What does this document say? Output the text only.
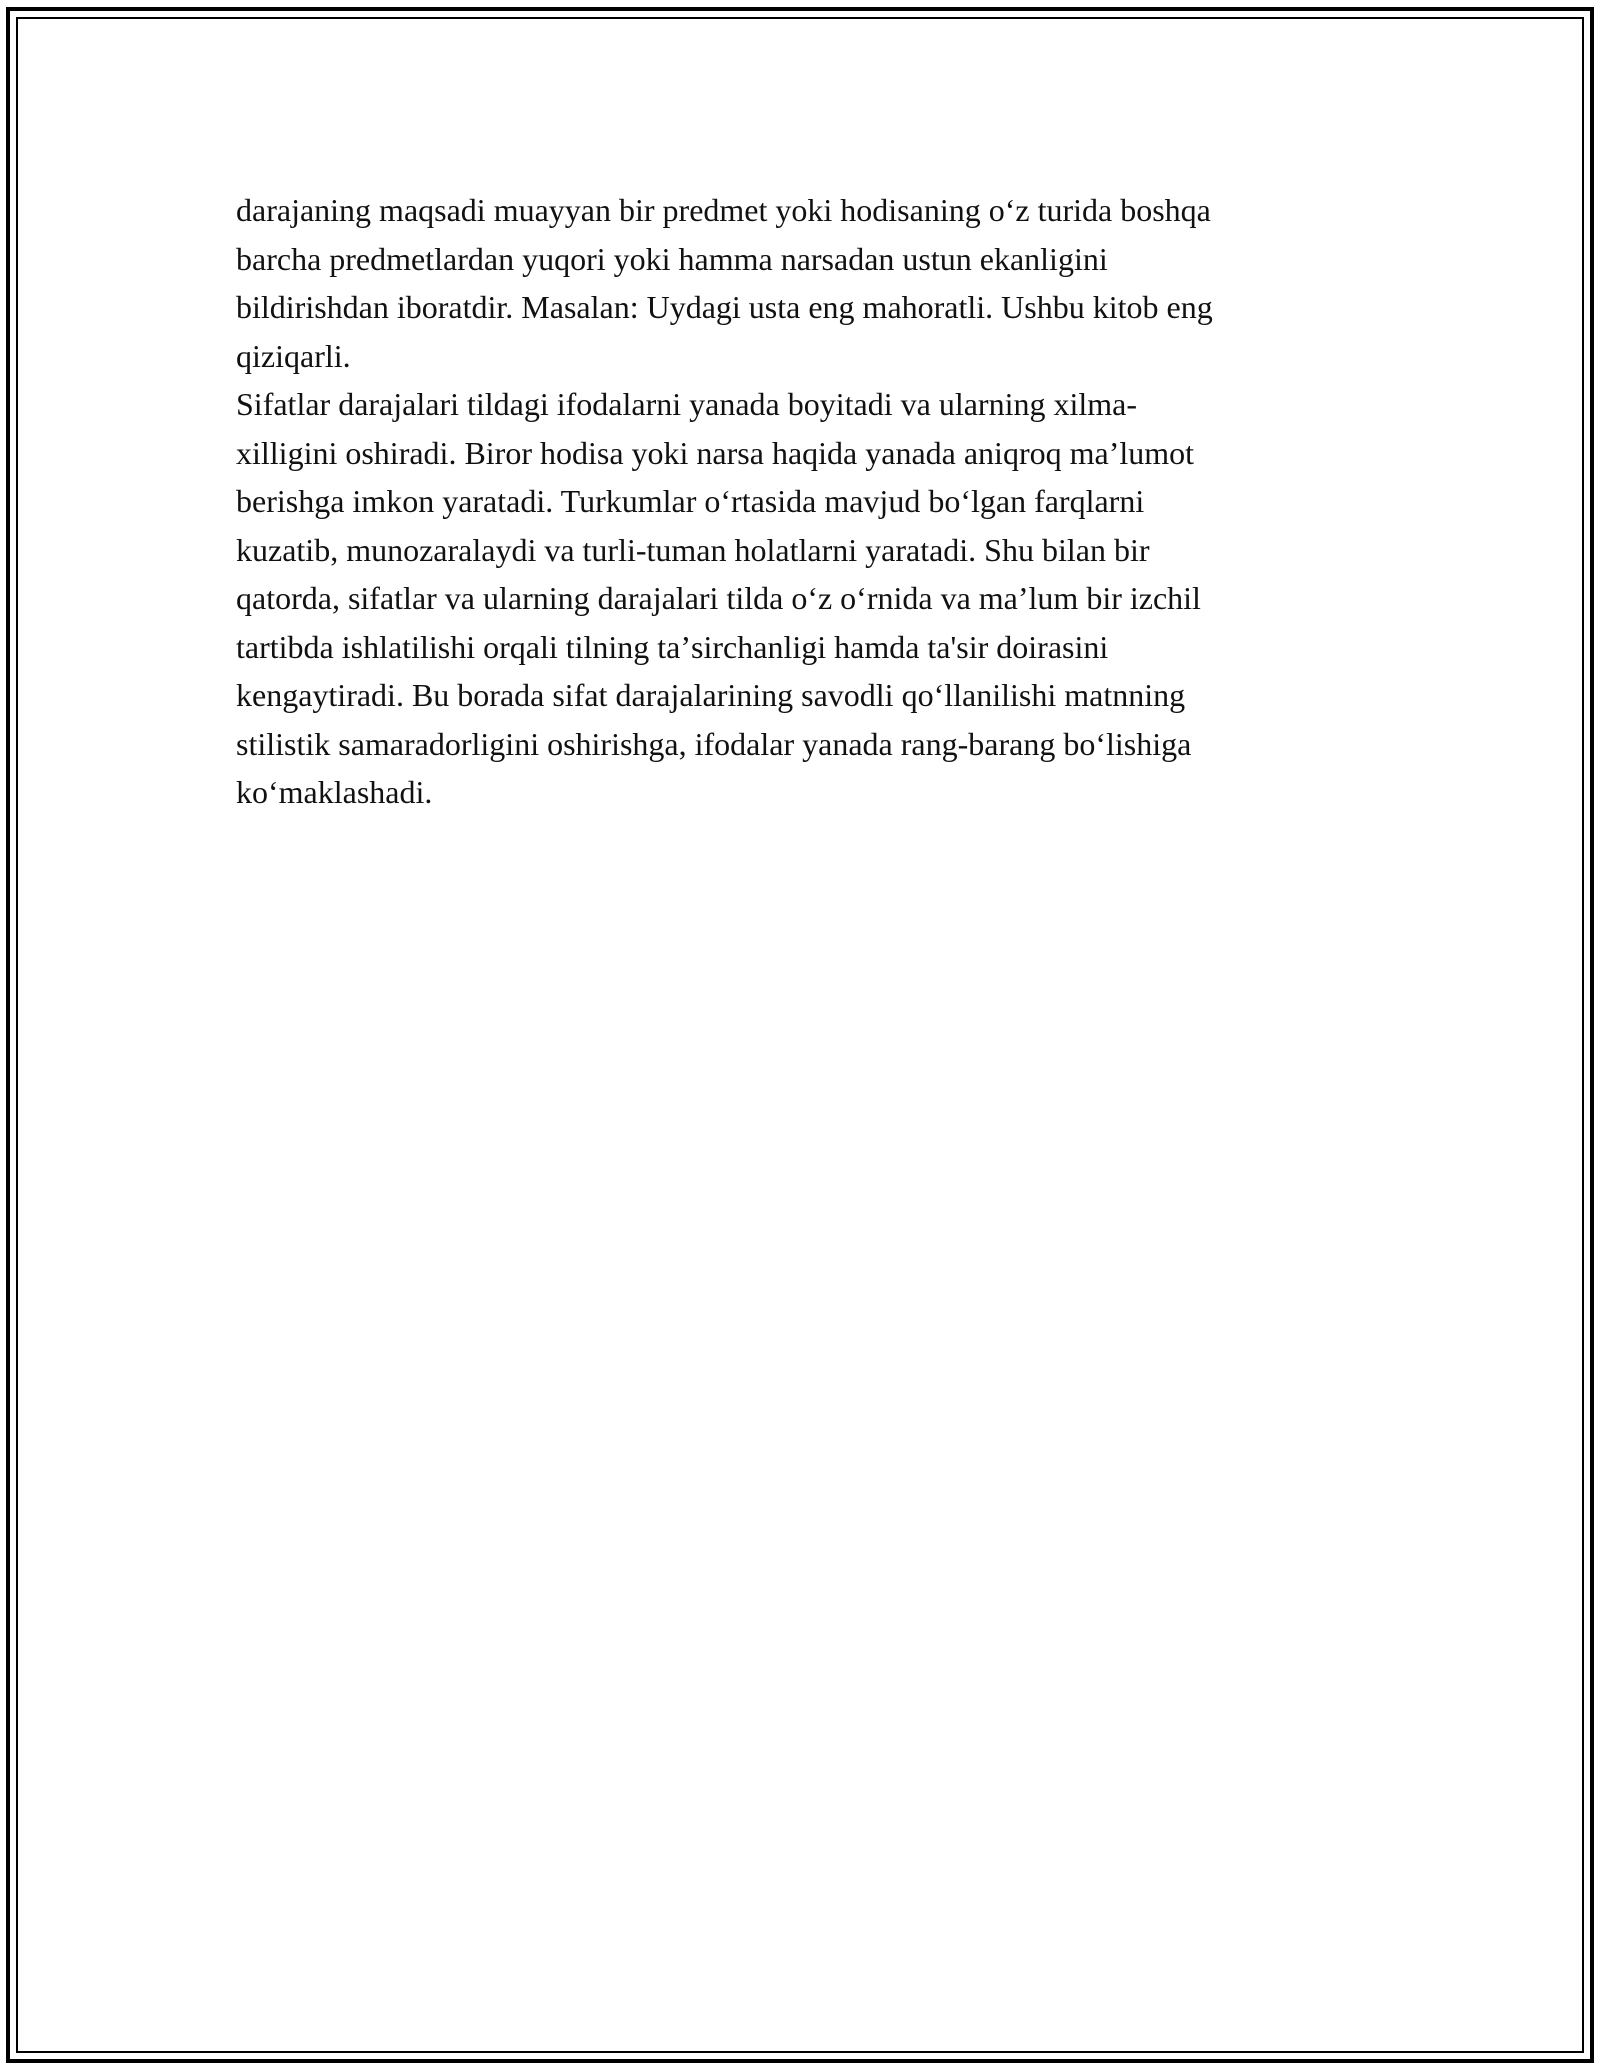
darajaning maqsadi muayyan bir predmet yoki hodisaning oʻz turida boshqa
barcha predmetlardan yuqori yoki hamma narsadan ustun ekanligini
bildirishdan iboratdir. Masalan: Uydagi usta eng mahoratli. Ushbu kitob eng
qiziqarli.

Sifatlar darajalari tildagi ifodalarni yanada boyitadi va ularning xilma-
xilligini oshiradi. Biror hodisa yoki narsa haqida yanada aniqroq maʼlumot
berishga imkon yaratadi. Turkumlar oʻrtasida mavjud boʻlgan farqlarni
kuzatib, munozaralaydi va turli-tuman holatlarni yaratadi. Shu bilan bir
qatorda, sifatlar va ularning darajalari tilda oʻz oʻrnida va maʼlum bir izchil
tartibda ishlatilishi orqali tilning taʼsirchanligi hamda ta'sir doirasini
kengaytiradi. Bu borada sifat darajalarining savodli qoʻllanilishi matnning
stilistik samaradorligini oshirishga, ifodalar yanada rang-barang boʻlishiga
koʻmaklashadi.
